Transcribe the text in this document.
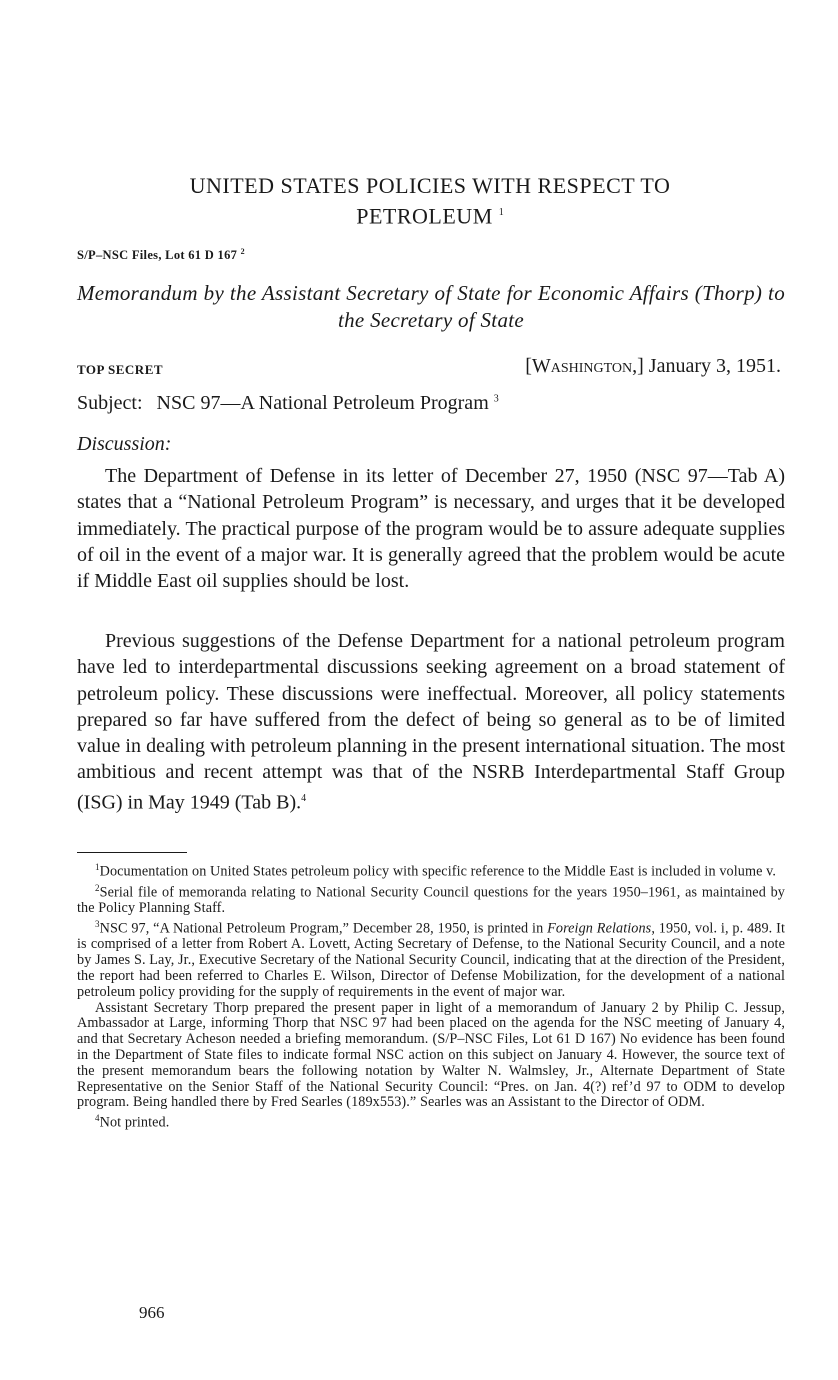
UNITED STATES POLICIES WITH RESPECT TO
PETROLEUM $^1$
S/P–NSC Files, Lot 61 D 167 $^2$
Memorandum by the Assistant Secretary of State for Economic Affairs (Thorp) to the Secretary of State
TOP SECRET	[Washington,] January 3, 1951.
Subject: NSC 97—A National Petroleum Program $^3$
Discussion:
The Department of Defense in its letter of December 27, 1950 (NSC 97—Tab A) states that a “National Petroleum Program” is necessary, and urges that it be developed immediately. The practical purpose of the program would be to assure adequate supplies of oil in the event of a major war. It is generally agreed that the problem would be acute if Middle East oil supplies should be lost.
Previous suggestions of the Defense Department for a national petroleum program have led to interdepartmental discussions seeking agreement on a broad statement of petroleum policy. These discussions were ineffectual. Moreover, all policy statements prepared so far have suffered from the defect of being so general as to be of limited value in dealing with petroleum planning in the present international situation. The most ambitious and recent attempt was that of the NSRB Interdepartmental Staff Group (ISG) in May 1949 (Tab B).$^4$

$^1$Documentation on United States petroleum policy with specific reference to the Middle East is included in volume v.

$^2$Serial file of memoranda relating to National Security Council questions for the years 1950–1961, as maintained by the Policy Planning Staff.

$^3$NSC 97, “A National Petroleum Program,” December 28, 1950, is printed in Foreign Relations, 1950, vol. i, p. 489. It is comprised of a letter from Robert A. Lovett, Acting Secretary of Defense, to the National Security Council, and a note by James S. Lay, Jr., Executive Secretary of the National Security Council, indicating that at the direction of the President, the report had been referred to Charles E. Wilson, Director of Defense Mobilization, for the development of a national petroleum policy providing for the supply of requirements in the event of major war.

Assistant Secretary Thorp prepared the present paper in light of a memorandum of January 2 by Philip C. Jessup, Ambassador at Large, informing Thorp that NSC 97 had been placed on the agenda for the NSC meeting of January 4, and that Secretary Acheson needed a briefing memorandum. (S/P–NSC Files, Lot 61 D 167) No evidence has been found in the Department of State files to indicate formal NSC action on this subject on January 4. However, the source text of the present memorandum bears the following notation by Walter N. Walmsley, Jr., Alternate Department of State Representative on the Senior Staff of the National Security Council: “Pres. on Jan. 4(?) ref’d 97 to ODM to develop program. Being handled there by Fred Searles (189x553).” Searles was an Assistant to the Director of ODM.

$^4$Not printed.

966
